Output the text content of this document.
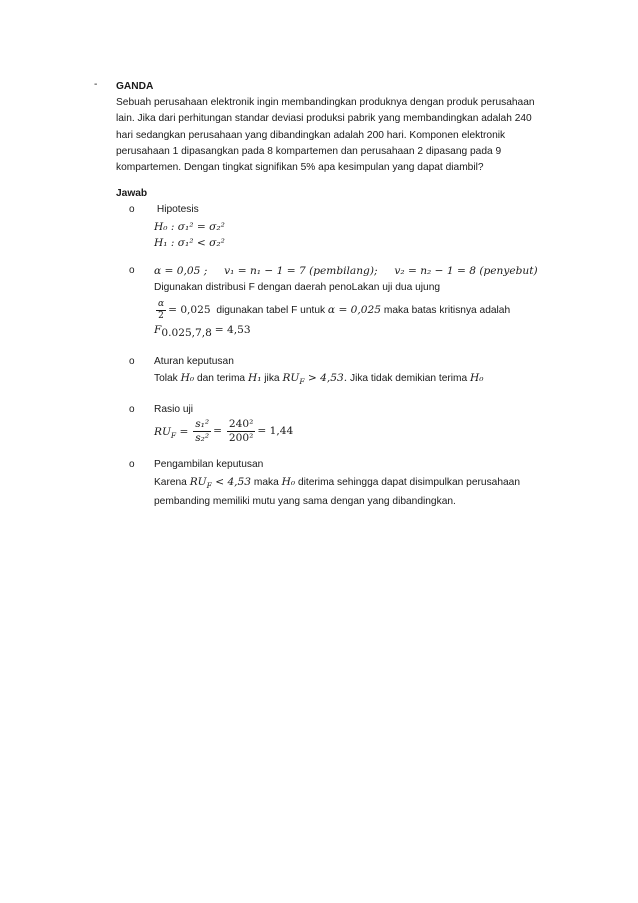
- GANDA
Sebuah perusahaan elektronik ingin membandingkan produknya dengan produk perusahaan
lain. Jika dari perhitungan standar deviasi produksi pabrik yang membandingkan adalah 240
hari sedangkan perusahaan yang dibandingkan adalah 200 hari. Komponen elektronik
perusahaan 1 dipasangkan pada 8 kompartemen dan perusahaan 2 dipasang pada 9
kompartemen. Dengan tingkat signifikan 5% apa kesimpulan yang dapat diambil?
Jawab
o Hipotesis
H₀ : σ₁² = σ₂²
H₁ : σ₁² < σ₂²
o α = 0,05 ; v₁ = n₁ − 1 = 7 (pembilang); v₂ = n₂ − 1 = 8 (penyebut)
Digunakan distribusi F dengan daerah penoLakan uji dua ujung
$\frac{\alpha}{2} = 0,025$ digunakan tabel F untuk α = 0,025 maka batas kritisnya adalah
$F_{0.025,7,8} = 4,53$
o Aturan keputusan
Tolak H₀ dan terima H₁ jika $RU_F > 4,53$. Jika tidak demikian terima H₀
o Rasio uji
$RU_F = \frac{\text{s₁²}}{\text{s₂²}} = \frac{\text{240²}}{\text{200²}} = 1,44$
o Pengambilan keputusan
Karena $RU_F < 4,53$ maka H₀ diterima sehingga dapat disimpulkan perusahaan
pembanding memiliki mutu yang sama dengan yang dibandingkan.
